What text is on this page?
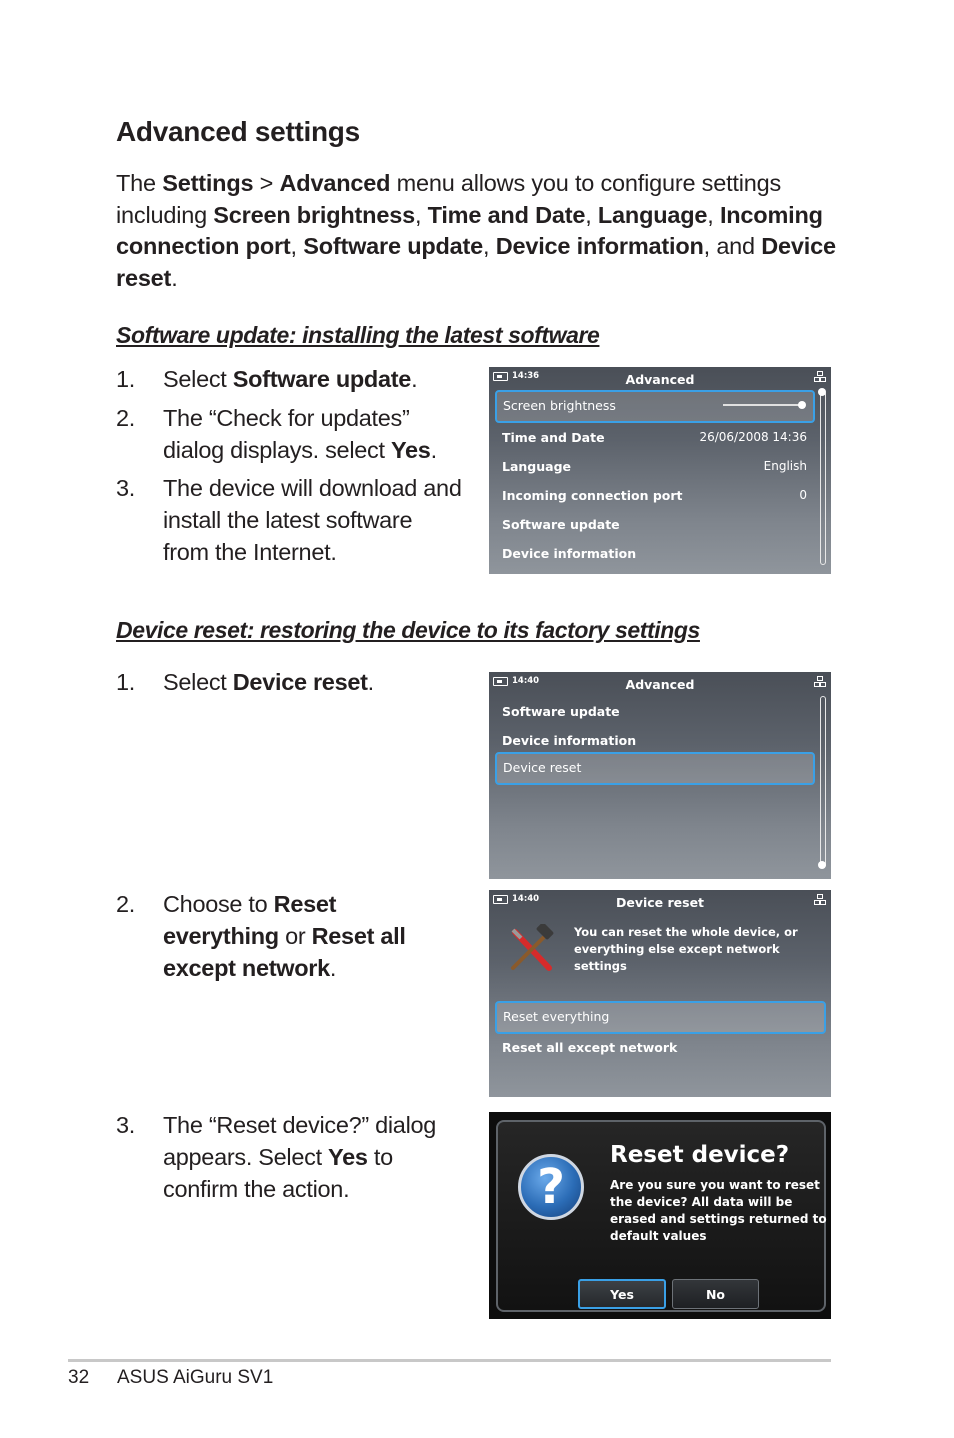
Advanced settings

The Settings > Advanced menu allows you to configure settings including Screen brightness, Time and Date, Language, Incoming connection port, Software update, Device information, and Device reset.

Software update: installing the latest software

1. Select Software update.
2. The “Check for updates” dialog displays. select Yes.
3. The device will download and install the latest software from the Internet.
14:36	Advanced
Screen brightness
Time and Date	26/06/2008 14:36
Language	English
Incoming connection port	0
Software update
Device information

Device reset: restoring the device to its factory settings

1. Select Device reset.	14:40	Advanced
Software update
Device information
Device reset
2. Choose to Reset everything or Reset all except network.
14:40	Device reset
You can reset the whole device, or everything else except network settings
Reset everything
Reset all except network
3. The “Reset device?” dialog appears. Select Yes to confirm the action.	?
Reset device?
Are you sure you want to reset the device? All data will be erased and settings returned to default values
Yes	No
32 ASUS AiGuru SV1
